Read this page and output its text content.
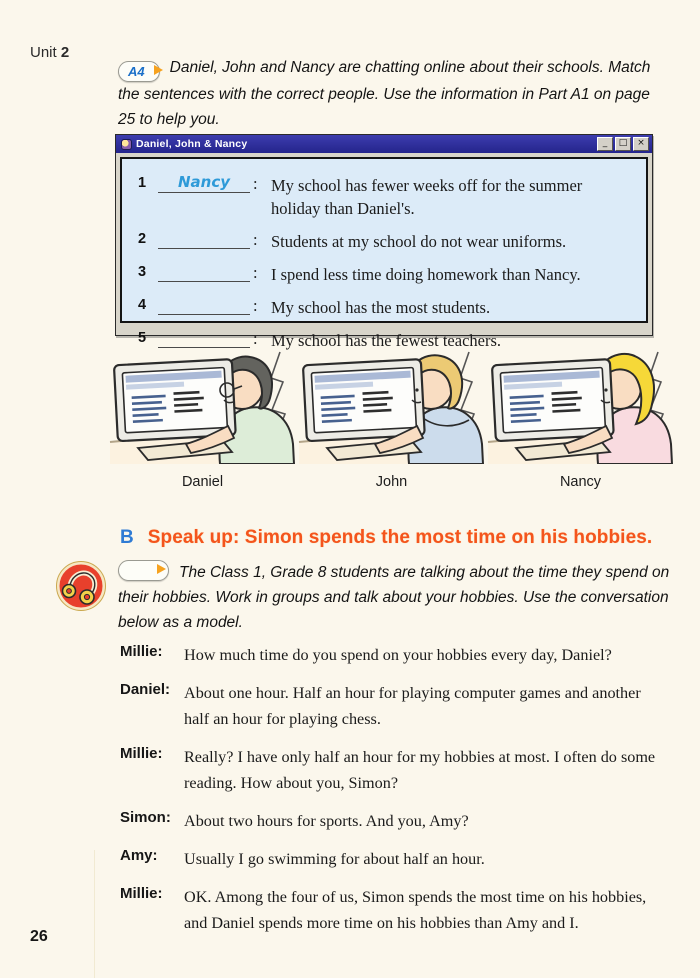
Unit 2
A4 Daniel, John and Nancy are chatting online about their schools. Match the sentences with the correct people. Use the information in Part A1 on page 25 to help you.
Daniel, John & Nancy	_	□	×
1	Nancy	: My school has fewer weeks off for the summer holiday than Daniel's.
2	: Students at my school do not wear uniforms.
3	: I spend less time doing homework than Nancy.
4	: My school has the most students.
5	: My school has the fewest teachers.
Daniel	John	Nancy
B Speak up: Simon spends the most time on his hobbies.
The Class 1, Grade 8 students are talking about the time they spend on their hobbies. Work in groups and talk about your hobbies. Use the conversation below as a model.
Millie:	How much time do you spend on your hobbies every day, Daniel?
Daniel: About one hour. Half an hour for playing computer games and another half an hour for playing chess.
Millie:	Really? I have only half an hour for my hobbies at most. I often do some reading. How about you, Simon?
Simon: About two hours for sports. And you, Amy?
Amy:	Usually I go swimming for about half an hour.
Millie:	OK. Among the four of us, Simon spends the most time on his hobbies, and Daniel spends more time on his hobbies than Amy and I.
26
